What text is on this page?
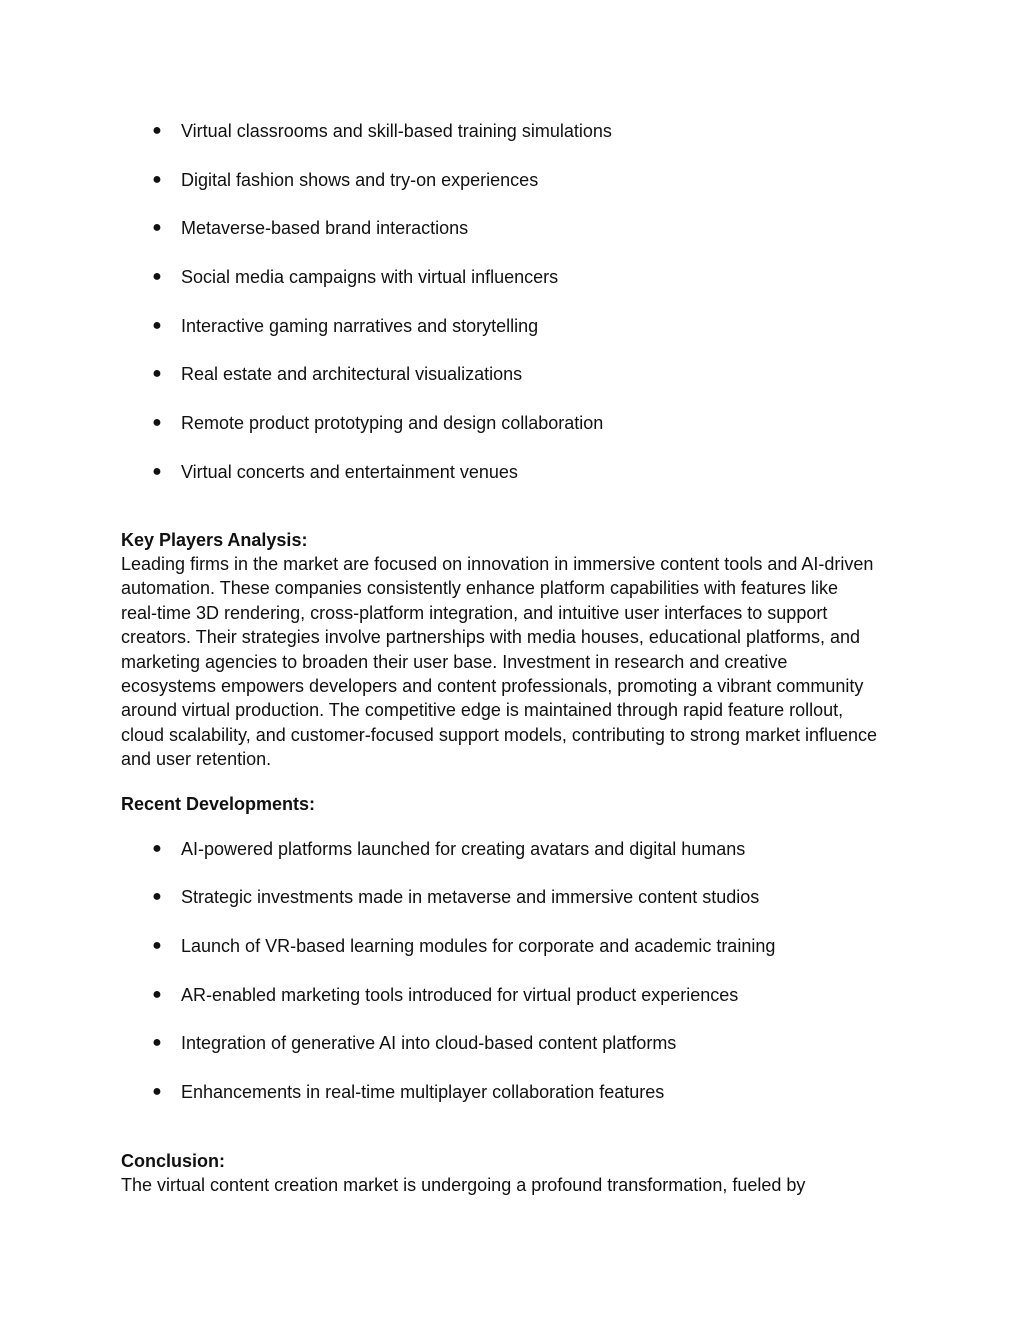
● Virtual classrooms and skill-based training simulations
● Digital fashion shows and try-on experiences
● Metaverse-based brand interactions
● Social media campaigns with virtual influencers
● Interactive gaming narratives and storytelling
● Real estate and architectural visualizations
● Remote product prototyping and design collaboration
● Virtual concerts and entertainment venues
Key Players Analysis:

Leading firms in the market are focused on innovation in immersive content tools and AI-driven
automation. These companies consistently enhance platform capabilities with features like
real-time 3D rendering, cross-platform integration, and intuitive user interfaces to support
creators. Their strategies involve partnerships with media houses, educational platforms, and
marketing agencies to broaden their user base. Investment in research and creative
ecosystems empowers developers and content professionals, promoting a vibrant community
around virtual production. The competitive edge is maintained through rapid feature rollout,
cloud scalability, and customer-focused support models, contributing to strong market influence
and user retention.

Recent Developments:
● AI-powered platforms launched for creating avatars and digital humans
● Strategic investments made in metaverse and immersive content studios
● Launch of VR-based learning modules for corporate and academic training
● AR-enabled marketing tools introduced for virtual product experiences
● Integration of generative AI into cloud-based content platforms
● Enhancements in real-time multiplayer collaboration features
Conclusion:

The virtual content creation market is undergoing a profound transformation, fueled by
